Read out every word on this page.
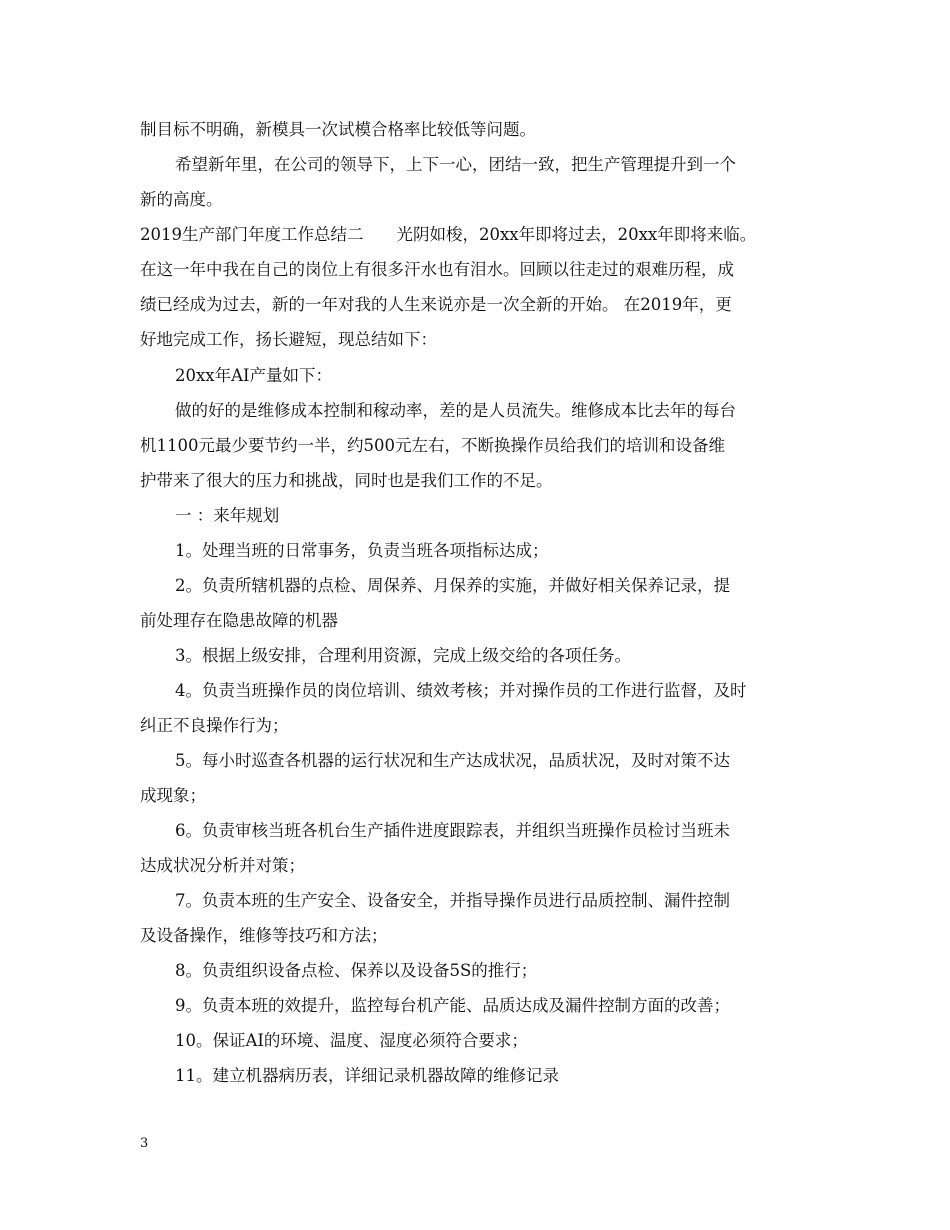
制目标不明确，新模具一次试模合格率比较低等问题。
希望新年里，在公司的领导下，上下一心，团结一致，把生产管理提升到一个
新的高度。
2019生产部门年度工作总结二　　光阴如梭，20xx年即将过去，20xx年即将来临。
在这一年中我在自己的岗位上有很多汗水也有泪水。回顾以往走过的艰难历程，成
绩已经成为过去，新的一年对我的人生来说亦是一次全新的开始。 在2019年，更
好地完成工作，扬长避短，现总结如下：
20xx年AI产量如下：
做的好的是维修成本控制和稼动率，差的是人员流失。维修成本比去年的每台
机1100元最少要节约一半，约500元左右，不断换操作员给我们的培训和设备维
护带来了很大的压力和挑战，同时也是我们工作的不足。
一 ：来年规划
1。处理当班的日常事务，负责当班各项指标达成；
2。负责所辖机器的点检、周保养、月保养的实施，并做好相关保养记录，提
前处理存在隐患故障的机器
3。根据上级安排，合理利用资源，完成上级交给的各项任务。
4。负责当班操作员的岗位培训、绩效考核；并对操作员的工作进行监督，及时
纠正不良操作行为；
5。每小时巡查各机器的运行状况和生产达成状况，品质状况，及时对策不达
成现象；
6。负责审核当班各机台生产插件进度跟踪表，并组织当班操作员检讨当班未
达成状况分析并对策；
7。负责本班的生产安全、设备安全，并指导操作员进行品质控制、漏件控制
及设备操作，维修等技巧和方法；
8。负责组织设备点检、保养以及设备5S的推行；
9。负责本班的效提升，监控每台机产能、品质达成及漏件控制方面的改善；
10。保证AI的环境、温度、湿度必须符合要求；
11。建立机器病历表，详细记录机器故障的维修记录
3
